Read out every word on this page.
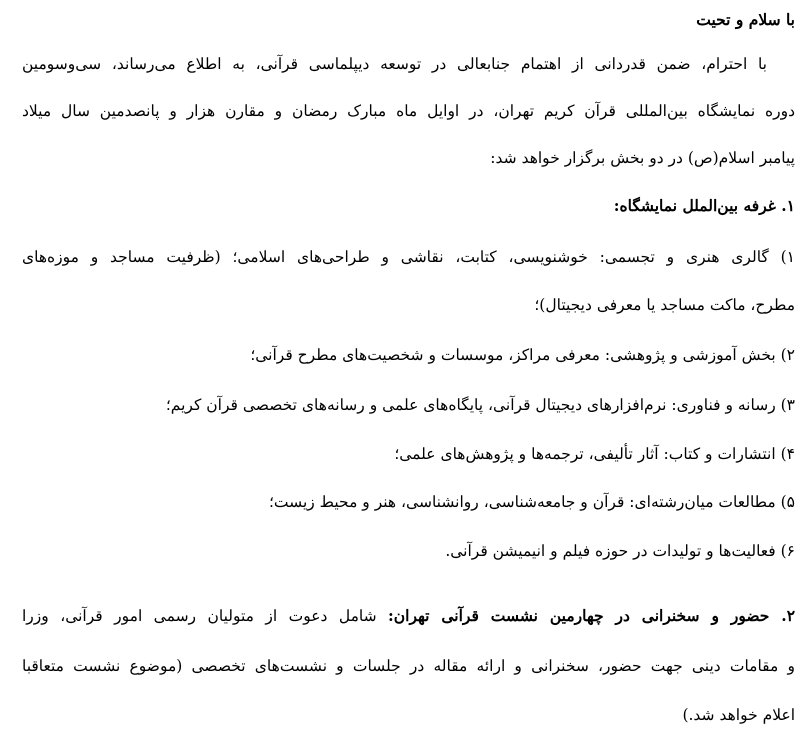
با سلام و تحیت
با احترام، ضمن قدردانی از اهتمام جنابعالی در توسعه دیپلماسی قرآنی، به اطلاع می‌رساند، سی‌وسومین
دوره نمایشگاه بین‌المللی قرآن کریم تهران، در اوایل ماه مبارک رمضان و مقارن هزار و پانصدمین سال میلاد
پیامبر اسلام(ص) در دو بخش برگزار خواهد شد:
۱. غرفه بین‌الملل نمایشگاه:
۱) گالری هنری و تجسمی: خوشنویسی، کتابت، نقاشی و طراحی‌های اسلامی؛ (ظرفیت مساجد و موزه‌های
مطرح، ماکت مساجد یا معرفی دیجیتال)؛
۲) بخش آموزشی و پژوهشی: معرفی مراکز، موسسات و شخصیت‌های مطرح قرآنی؛
۳) رسانه و فناوری: نرم‌افزارهای دیجیتال قرآنی، پایگاه‌های علمی و رسانه‌های تخصصی قرآن کریم؛
۴) انتشارات و کتاب: آثار تألیفی، ترجمه‌ها و پژوهش‌های علمی؛
۵) مطالعات میان‌رشته‌ای: قرآن و جامعه‌شناسی، روانشناسی، هنر و محیط زیست؛
۶) فعالیت‌ها و تولیدات در حوزه فیلم و انیمیشن قرآنی.
۲. حضور و سخنرانی در چهارمین نشست قرآنی تهران: شامل دعوت از متولیان رسمی امور قرآنی، وزرا
و مقامات دینی جهت حضور، سخنرانی و ارائه مقاله در جلسات و نشست‌های تخصصی (موضوع نشست متعاقبا
اعلام خواهد شد.)
